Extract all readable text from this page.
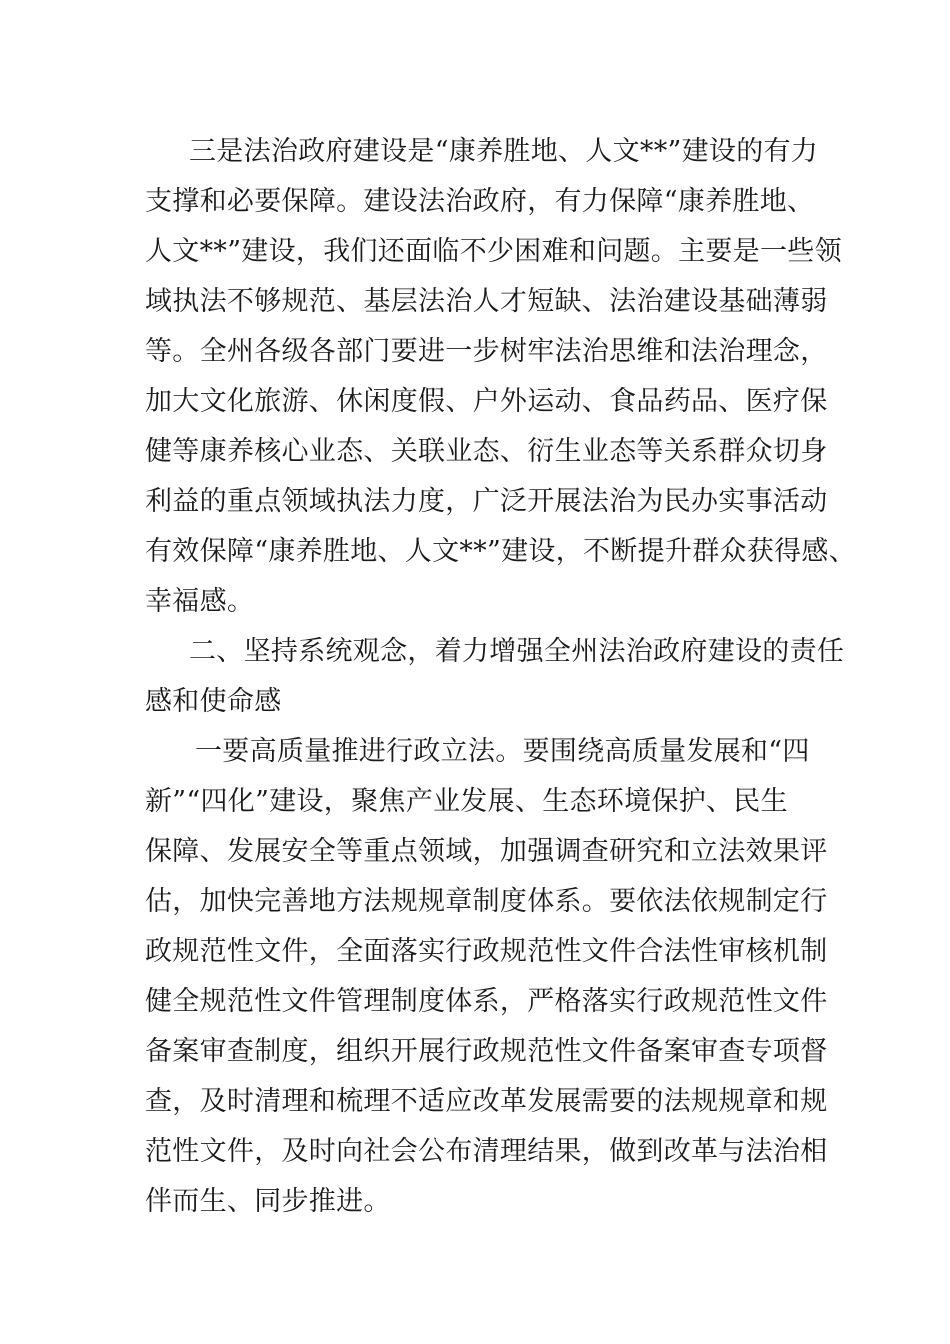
三是法治政府建设是“康养胜地、人文**”建设的有力
支撑和必要保障。建设法治政府，有力保障“康养胜地、
人文**”建设，我们还面临不少困难和问题。主要是一些领
域执法不够规范、基层法治人才短缺、法治建设基础薄弱
等。全州各级各部门要进一步树牢法治思维和法治理念，
加大文化旅游、休闲度假、户外运动、食品药品、医疗保
健等康养核心业态、关联业态、衍生业态等关系群众切身
利益的重点领域执法力度，广泛开展法治为民办实事活动
有效保障“康养胜地、人文**”建设，不断提升群众获得感、
幸福感。
二、坚持系统观念，着力增强全州法治政府建设的责任
感和使命感
一要高质量推进行政立法。要围绕高质量发展和“四
新”“四化”建设，聚焦产业发展、生态环境保护、民生
保障、发展安全等重点领域，加强调查研究和立法效果评
估，加快完善地方法规规章制度体系。要依法依规制定行
政规范性文件，全面落实行政规范性文件合法性审核机制
健全规范性文件管理制度体系，严格落实行政规范性文件
备案审查制度，组织开展行政规范性文件备案审查专项督
查，及时清理和梳理不适应改革发展需要的法规规章和规
范性文件，及时向社会公布清理结果，做到改革与法治相
伴而生、同步推进。
